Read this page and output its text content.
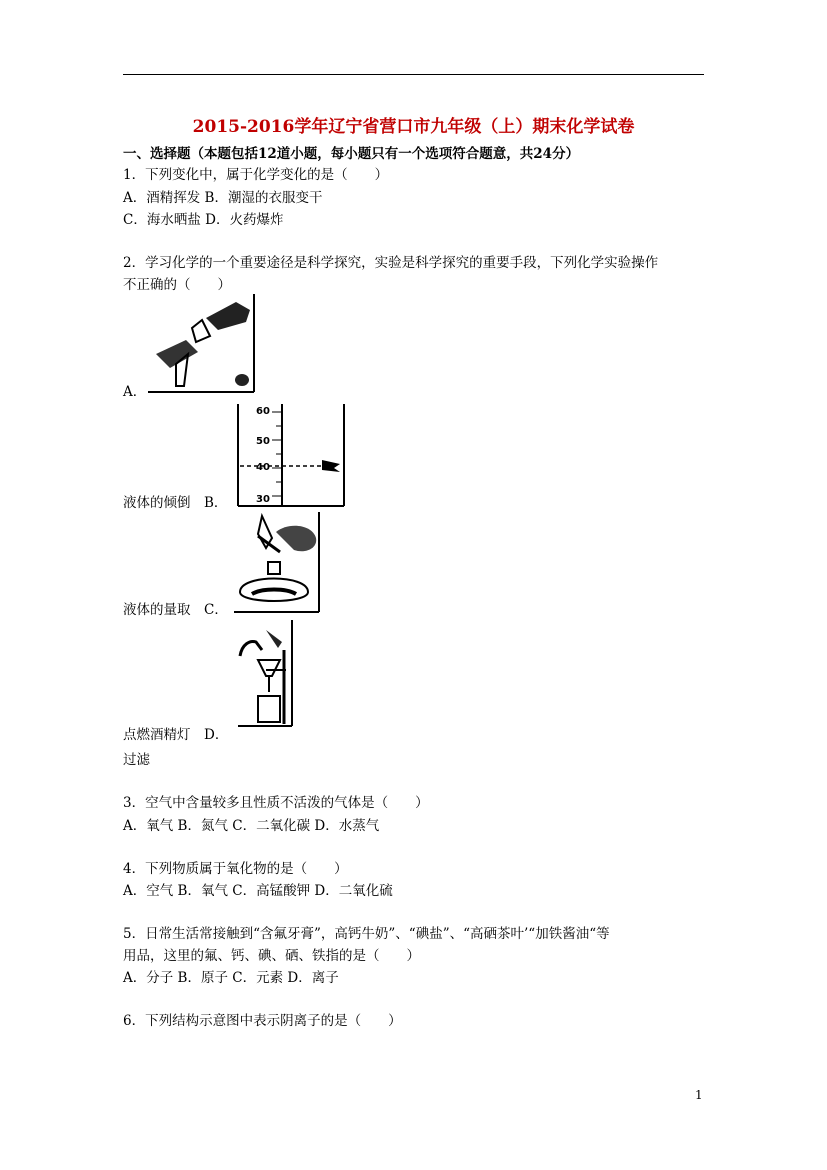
2015-2016学年辽宁省营口市九年级（上）期末化学试卷
一、选择题（本题包括12道小题，每小题只有一个选项符合题意，共24分）
1．下列变化中，属于化学变化的是（　　）
A．酒精挥发 B．潮湿的衣服变干
C．海水晒盐 D．火药爆炸
2．学习化学的一个重要途径是科学探究，实验是科学探究的重要手段，下列化学实验操作
不正确的（　　）
A．
60
50
40
30
液体的倾倒　B．
液体的量取　C．
点燃酒精灯　D．
过滤
3．空气中含量较多且性质不活泼的气体是（　　）
A．氧气 B．氮气 C．二氧化碳 D．水蒸气
4．下列物质属于氧化物的是（　　）
A．空气 B．氧气 C．高锰酸钾 D．二氧化硫
5．日常生活常接触到“含氟牙膏”，高钙牛奶”、“碘盐”、“高硒茶叶’“加铁酱油“等
用品，这里的氟、钙、碘、硒、铁指的是（　　）
A．分子 B．原子 C．元素 D．离子
6．下列结构示意图中表示阴离子的是（　　）
1
